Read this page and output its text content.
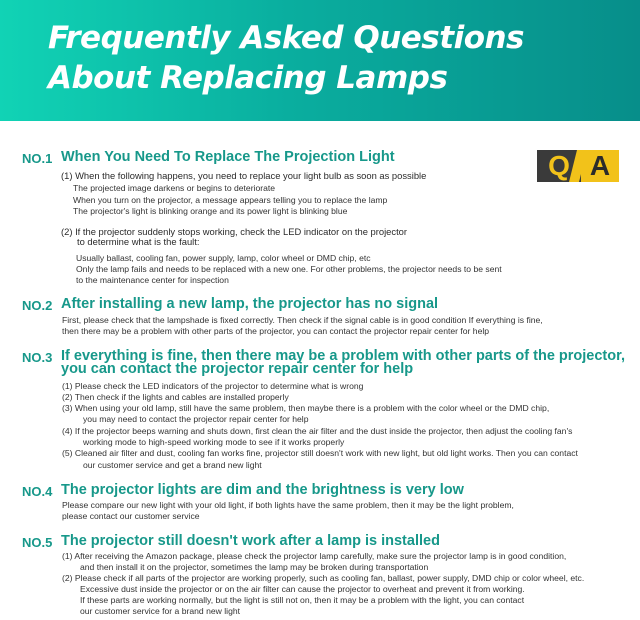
Frequently Asked Questions
About Replacing Lamps
Q A
NO.1 When You Need To Replace The Projection Light
(1) When the following happens, you need to replace your light bulb as soon as possible
The projected image darkens or begins to deteriorate
When you turn on the projector, a message appears telling you to replace the lamp
The projector's light is blinking orange and its power light is blinking blue
(2) If the projector suddenly stops working, check the LED indicator on the projector
to determine what is the fault:
Usually ballast, cooling fan, power supply, lamp, color wheel or DMD chip, etc
Only the lamp fails and needs to be replaced with a new one. For other problems, the projector needs to be sent
to the maintenance center for inspection
NO.2 After installing a new lamp, the projector has no signal
First, please check that the lampshade is fixed correctly. Then check if the signal cable is in good condition If everything is fine,
then there may be a problem with other parts of the projector, you can contact the projector repair center for help
NO.3 If everything is fine, then there may be a problem with other parts of the projector,
you can contact the projector repair center for help
(1) Please check the LED indicators of the projector to determine what is wrong
(2) Then check if the lights and cables are installed properly
(3) When using your old lamp, still have the same problem, then maybe there is a problem with the color wheel or the DMD chip,
you may need to contact the projector repair center for help
(4) If the projector beeps warning and shuts down, first clean the air filter and the dust inside the projector, then adjust the cooling fan's
working mode to high-speed working mode to see if it works properly
(5) Cleaned air filter and dust, cooling fan works fine, projector still doesn't work with new light, but old light works. Then you can contact
our customer service and get a brand new light
NO.4 The projector lights are dim and the brightness is very low
Please compare our new light with your old light, if both lights have the same problem, then it may be the light problem,
please contact our customer service
NO.5 The projector still doesn't work after a lamp is installed
(1) After receiving the Amazon package, please check the projector lamp carefully, make sure the projector lamp is in good condition,
and then install it on the projector, sometimes the lamp may be broken during transportation
(2) Please check if all parts of the projector are working properly, such as cooling fan, ballast, power supply, DMD chip or color wheel, etc.
Excessive dust inside the projector or on the air filter can cause the projector to overheat and prevent it from working.
If these parts are working normally, but the light is still not on, then it may be a problem with the light, you can contact
our customer service for a brand new light
